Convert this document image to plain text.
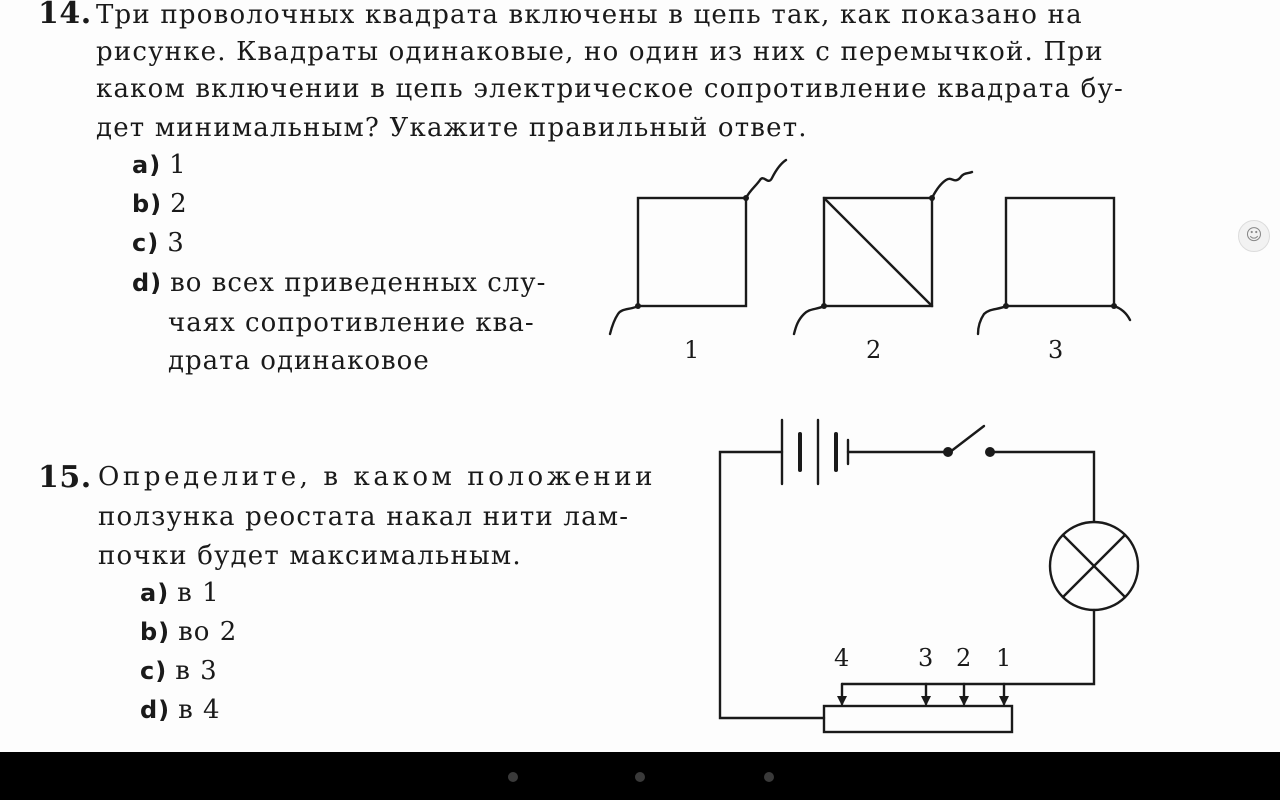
14. Три проволочных квадрата включены в цепь так, как показано на
рисунке. Квадраты одинаковые, но один из них с перемычкой. При
каком включении в цепь электрическое сопротивление квадрата бу-
дет минимальным? Укажите правильный ответ.
a) 1
b) 2
c) 3
d) во всех приведенных слу-
чаях сопротивление ква-
драта одинаковое	1	2	3
15. Определите, в каком положении
ползунка реостата накал нити лам-
почки будет максимальным.
a) в 1
b) во 2
c) в 3
d) в 4
4	3 2 1
☺
